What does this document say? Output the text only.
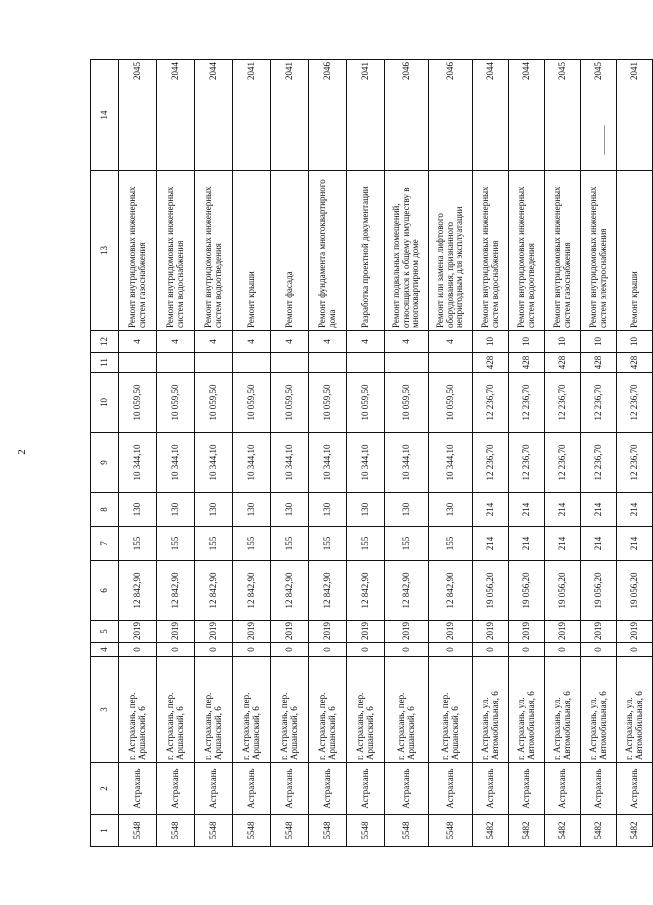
2
1	2	3	4	5	6	7	8	9	10	11	12	13	14
5548	Астрахань	г. Астрахань, пер. Аршанский, 6	0	2019	12 842,90	155	130	10 344,10	10 059,50		4	Ремонт внутридомовых инженерных систем газоснабжения	2045
5548	Астрахань	г. Астрахань, пер. Аршанский, 6	0	2019	12 842,90	155	130	10 344,10	10 059,50		4	Ремонт внутридомовых инженерных систем водоснабжения	2044
5548	Астрахань	г. Астрахань, пер. Аршанский, 6	0	2019	12 842,90	155	130	10 344,10	10 059,50		4	Ремонт внутридомовых инженерных систем водоотведения	2044
5548	Астрахань	г. Астрахань, пер. Аршанский, 6	0	2019	12 842,90	155	130	10 344,10	10 059,50		4	Ремонт крыши	2041
5548	Астрахань	г. Астрахань, пер. Аршанский, 6	0	2019	12 842,90	155	130	10 344,10	10 059,50		4	Ремонт фасада	2041
5548	Астрахань	г. Астрахань, пер. Аршанский, 6	0	2019	12 842,90	155	130	10 344,10	10 059,50		4	Ремонт фундамента многоквартирного дома	2046
5548	Астрахань	г. Астрахань, пер. Аршанский, 6	0	2019	12 842,90	155	130	10 344,10	10 059,50		4	Разработка проектной документации	2041
5548	Астрахань	г. Астрахань, пер. Аршанский, 6	0	2019	12 842,90	155	130	10 344,10	10 059,50		4	Ремонт подвальных помещений, относящихся к общему имуществу в многоквартирном доме	2046
5548	Астрахань	г. Астрахань, пер. Аршанский, 6	0	2019	12 842,90	155	130	10 344,10	10 059,50		4	Ремонт или замена лифтового оборудования, признанного непригодным для эксплуатации	2046
5482	Астрахань	г. Астрахань, ул. Автомобильная, 6	0	2019	19 056,20	214	214	12 236,70	12 236,70	428	10	Ремонт внутридомовых инженерных систем водоснабжения	2044
5482	Астрахань	г. Астрахань, ул. Автомобильная, 6	0	2019	19 056,20	214	214	12 236,70	12 236,70	428	10	Ремонт внутридомовых инженерных систем водоотведения	2044
5482	Астрахань	г. Астрахань, ул. Автомобильная, 6	0	2019	19 056,20	214	214	12 236,70	12 236,70	428	10	Ремонт внутридомовых инженерных систем газоснабжения	2045
5482	Астрахань	г. Астрахань, ул. Автомобильная, 6	0	2019	19 056,20	214	214	12 236,70	12 236,70	428	10	Ремонт внутридомовых инженерных систем электроснабжения	2045
5482	Астрахань	г. Астрахань, ул. Автомобильная, 6	0	2019	19 056,20	214	214	12 236,70	12 236,70	428	10	Ремонт крыши	2041
